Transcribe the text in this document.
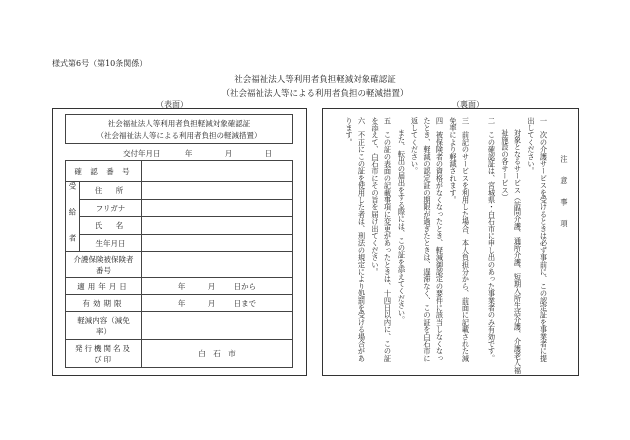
様式第6号（第10条関係）
社会福祉法人等利用者負担軽減対象確認証
（社会福祉法人等による利用者負担の軽減措置）
（表面）	（裏面）
社会福祉法人等利用者負担軽減対象確認証
（社会福祉法人等による利用者負担の軽減措置）
交付年月日	年	月	日
確 認 番 号		
受 給 者	住　所	
	フリガナ	
	氏　名	
	生年月日	
介護保険被保険者番号		
適用年月日		年 月 日から
有効期限		年 月 日まで
軽減内容（減免率）		
発行機関名及び印		白　石　市
注 意 事 項
一　次の介護サービスを受けるときは必ず事前に、この認定証を事業者に提出してください。
対象となるサービス（訪問介護、通所介護、短期入所生活介護、介護老人福祉施設の各サービス）
二　この確認証は、宮城県・白石市に申し出のあった事業者のみ有効です。
三　前記のサービスを利用した場合、本人負担分から、前面に記載された減免率により軽減されます。
四　被保険者の資格がなくなったとき、軽減御認定の要件に該当しなくなったとき、軽減の認定証の期限が過ぎたときは、遅滞なく、この証を白石市に返してください。
また、転出の届出をする際には、この証を添えてください。
五　この証の表面の記載事項に変更があったときは、十四日以内に、この証を添えて、白石市にその旨を届け出てください。
六　不正にこの証を使用した者は、刑法の規定により処罰を受ける場合があります。
